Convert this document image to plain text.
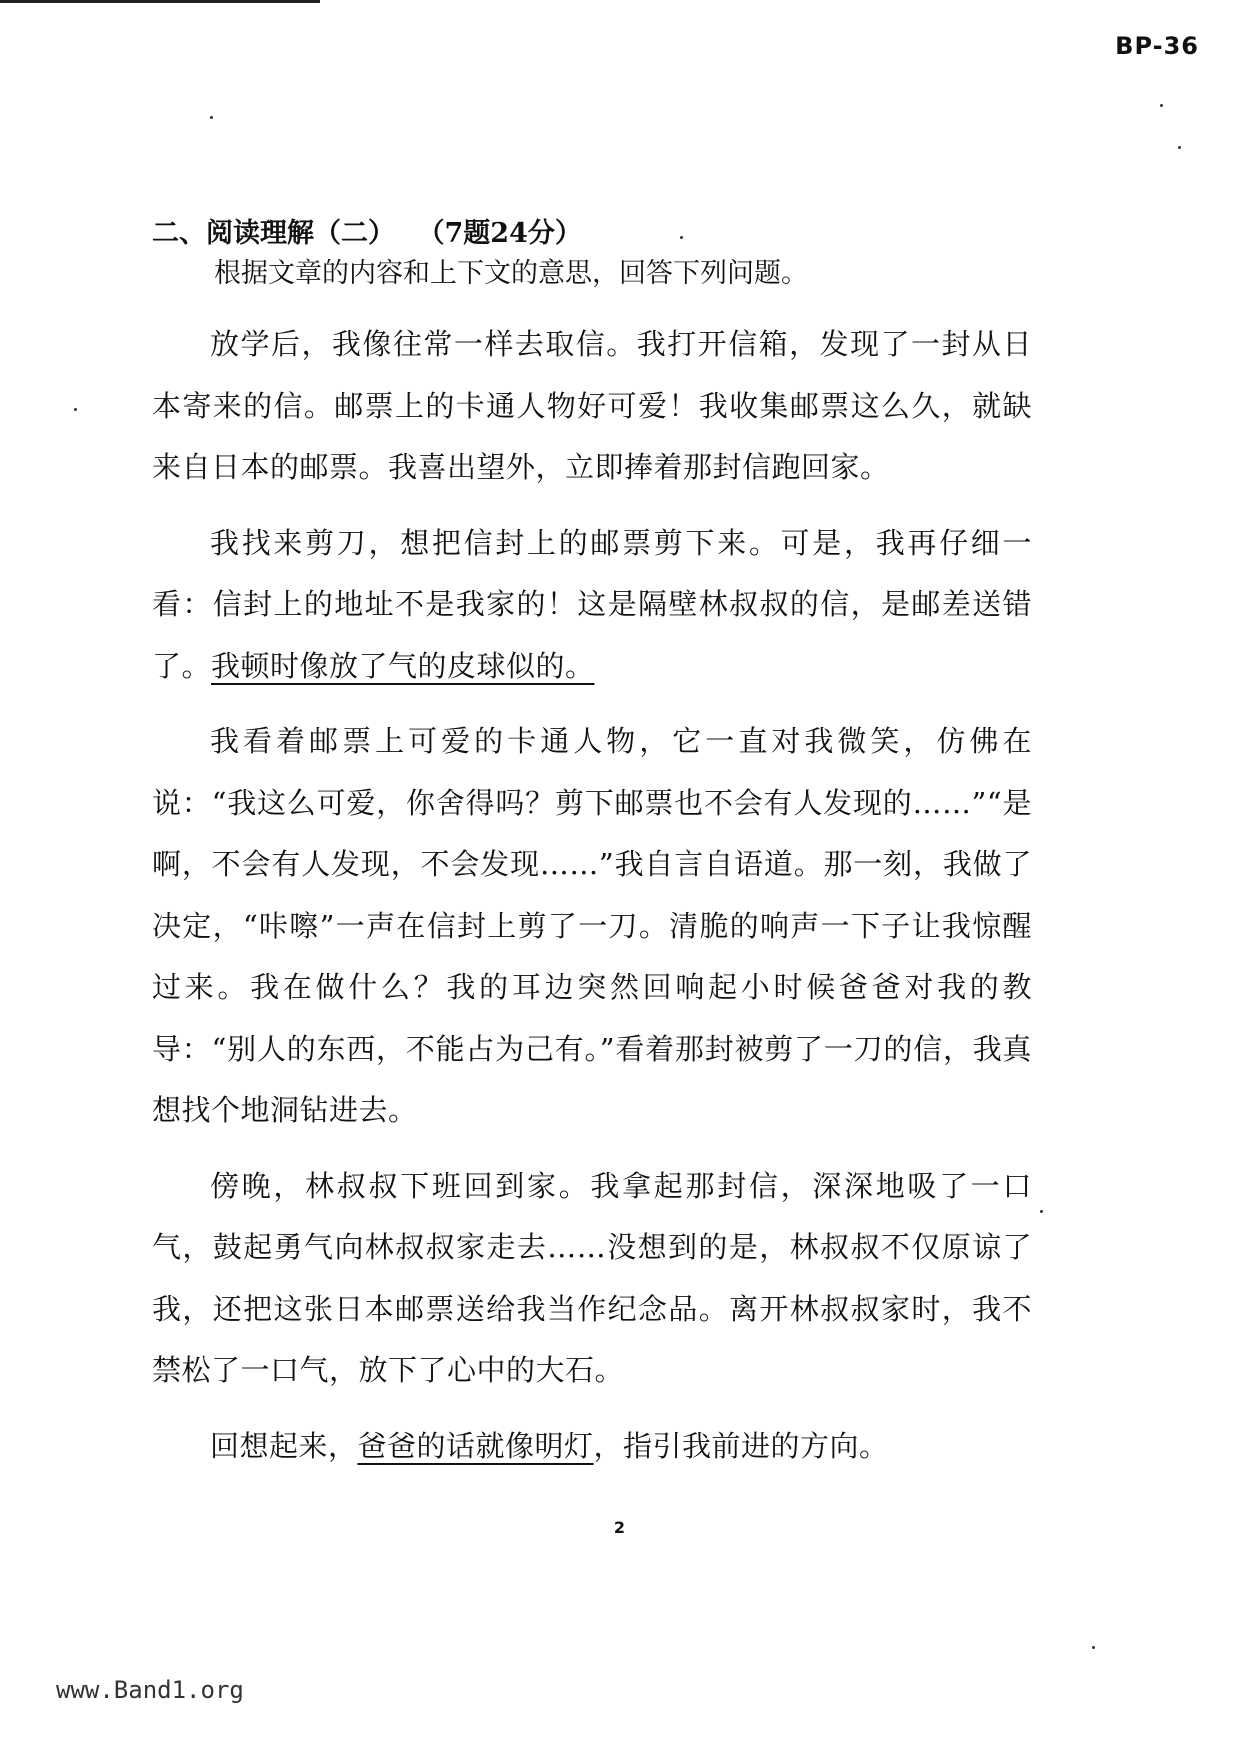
BP-36

二、阅读理解（二） （7题24分）

根据文章的内容和上下文的意思，回答下列问题。

放学后，我像往常一样去取信。我打开信箱，发现了一封从日本寄来的信。邮票上的卡通人物好可爱！我收集邮票这么久，就缺来自日本的邮票。我喜出望外，立即捧着那封信跑回家。

我找来剪刀，想把信封上的邮票剪下来。可是，我再仔细一看：信封上的地址不是我家的！这是隔壁林叔叔的信，是邮差送错了。我顿时像放了气的皮球似的。

我看着邮票上可爱的卡通人物，它一直对我微笑，仿佛在说：“我这么可爱，你舍得吗？剪下邮票也不会有人发现的……”“是啊，不会有人发现，不会发现……”我自言自语道。那一刻，我做了决定，“咔嚓”一声在信封上剪了一刀。清脆的响声一下子让我惊醒过来。我在做什么？我的耳边突然回响起小时候爸爸对我的教导：“别人的东西，不能占为己有。”看着那封被剪了一刀的信，我真想找个地洞钻进去。

傍晚，林叔叔下班回到家。我拿起那封信，深深地吸了一口气，鼓起勇气向林叔叔家走去……没想到的是，林叔叔不仅原谅了我，还把这张日本邮票送给我当作纪念品。离开林叔叔家时，我不禁松了一口气，放下了心中的大石。

回想起来，爸爸的话就像明灯，指引我前进的方向。

2
www.Band1.org
